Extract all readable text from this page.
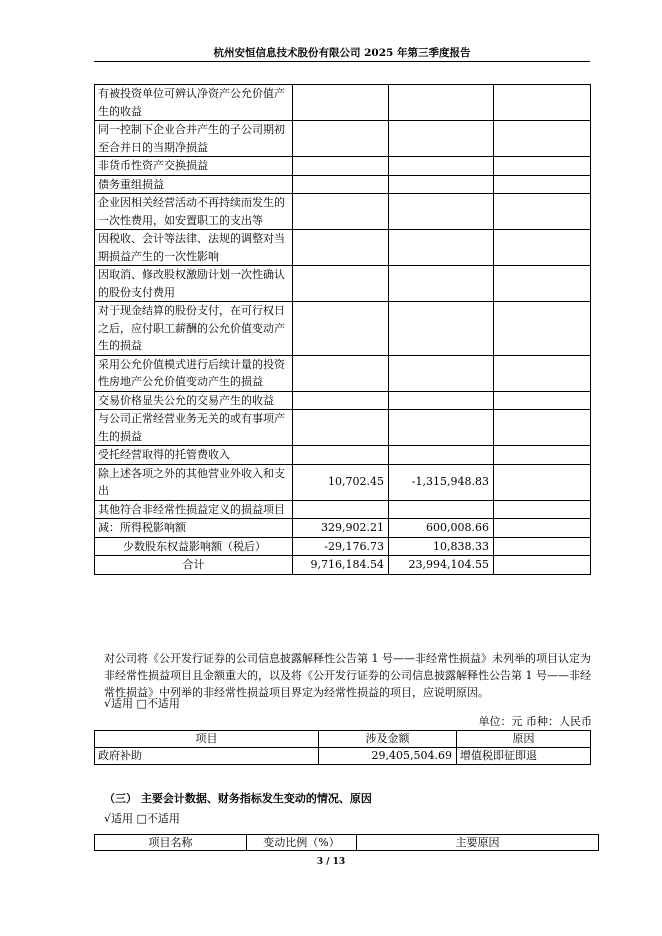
杭州安恒信息技术股份有限公司 2025 年第三季度报告
有被投资单位可辨认净资产公允价值产生的收益			
同一控制下企业合并产生的子公司期初至合并日的当期净损益			
非货币性资产交换损益			
债务重组损益			
企业因相关经营活动不再持续而发生的一次性费用，如安置职工的支出等			
因税收、会计等法律、法规的调整对当期损益产生的一次性影响			
因取消、修改股权激励计划一次性确认的股份支付费用			
对于现金结算的股份支付，在可行权日之后，应付职工薪酬的公允价值变动产生的损益			
采用公允价值模式进行后续计量的投资性房地产公允价值变动产生的损益			
交易价格显失公允的交易产生的收益			
与公司正常经营业务无关的或有事项产生的损益			
受托经营取得的托管费收入			
除上述各项之外的其他营业外收入和支出	10,702.45	-1,315,948.83	
其他符合非经常性损益定义的损益项目			
减：所得税影响额	329,902.21	600,008.66	
少数股东权益影响额（税后）	-29,176.73	10,838.33	
合计	9,716,184.54	23,994,104.55	
对公司将《公开发行证券的公司信息披露解释性公告第 1 号——非经常性损益》未列举的项目认定为非经常性损益项目且金额重大的，以及将《公开发行证券的公司信息披露解释性公告第 1 号——非经常性损益》中列举的非经常性损益项目界定为经常性损益的项目，应说明原因。
√适用 □不适用
单位：元 币种：人民币
项目	涉及金额	原因
政府补助	29,405,504.69	增值税即征即退
（三） 主要会计数据、财务指标发生变动的情况、原因
√适用 □不适用
项目名称	变动比例（%）	主要原因
3 / 13
